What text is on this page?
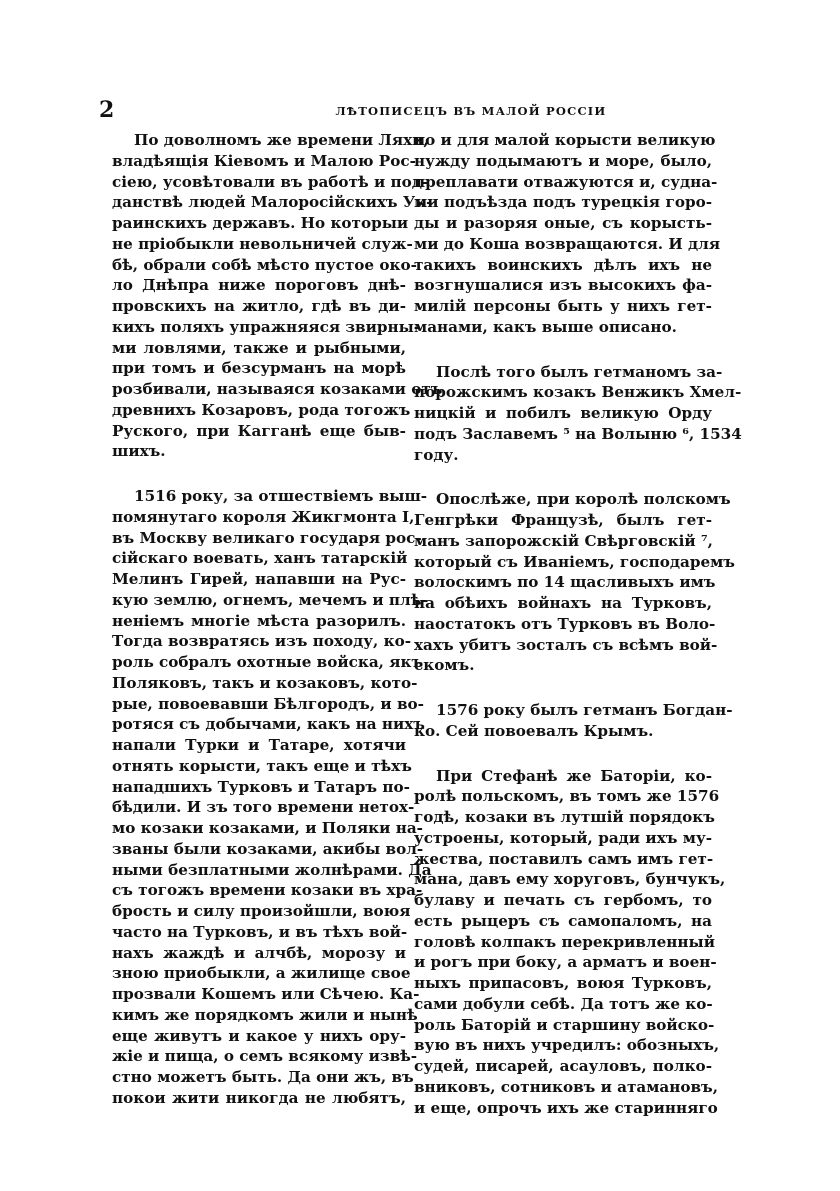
2	ЛѢТОПИСЕЦЪ ВЪ МАЛОЙ РОССІИ
По доволномъ же времени Ляхи,
владѣящія Кіевомъ и Малою Рос-
сіею, усовѣтовали въ работѣ и под-
данствѣ людей Малоросійскихъ Ук-
раинскихъ державъ. Но которыи
не пріобыкли невольничей служ-
бѣ, обрали собѣ мѣсто пустое око-
ло Днѣпра ниже пороговъ днѣ-
провскихъ на житло, гдѣ въ ди-
кихъ поляхъ упражняяся звирны-
ми ловлями, также и рыбными,
при томъ и безсурманъ на морѣ
розбивали, называяся козаками отъ
древнихъ Козаровъ, рода тогожъ
Руского, при Кагганѣ еще быв-
шихъ.
1516 року, за отшествіемъ выш-
помянутаго короля Жикгмонта I,
въ Москву великаго государя рос-
сійскаго воевать, ханъ татарскій
Мелинъ Гирей, напавши на Рус-
кую землю, огнемъ, мечемъ и плѣ-
неніемъ многіе мѣста разорилъ.
Тогда возвратясь изъ походу, ко-
роль собралъ охотные войска, якъ
Поляковъ, такъ и козаковъ, кото-
рые, повоевавши Бѣлгородъ, и во-
ротяся съ добычами, какъ на нихъ
напали Турки и Татаре, хотячи
отнять корысти, такъ еще и тѣхъ
нападшихъ Турковъ и Татаръ по-
бѣдили. И зъ того времени нетох-
мо козаки козаками, и Поляки на-
званы были козаками, акибы вол-
ными безплатными жолнѣрами. Да
съ тогожъ времени козаки въ хра-
брость и силу произойшли, воюя
часто на Турковъ, и въ тѣхъ вой-
нахъ жаждѣ и алчбѣ, морозу и
зною приобыкли, а жилище свое
прозвали Кошемъ или Сѣчею. Ка-
кимъ же порядкомъ жили и нынѣ
еще живутъ и какое у нихъ ору-
жіе и пища, о семъ всякому извѣ-
стно можетъ быть. Да они жъ, въ
покои жити никогда не любятъ,
но и для малой корысти великую
нужду подымаютъ и море, было,
преплавати отважуются и, судна-
ми подъѣзда подъ турецкія горо-
ды и разоряя оные, съ корысть-
ми до Коша возвращаются. И для
такихъ воинскихъ дѣлъ ихъ не
возгнушалися изъ высокихъ фа-
милій персоны быть у нихъ гет-
манами, какъ выше описано.
Послѣ того былъ гетманомъ за-
порожскимъ козакъ Венжикъ Хмел-
ницкій и побилъ великую Орду
подъ Заславемъ ⁵ на Волыню ⁶, 1534
году.
Опослѣже, при королѣ полскомъ
Генгрѣки Французѣ, былъ гет-
манъ запорожскій Свѣрговскій ⁷,
который съ Иваніемъ, господаремъ
волоскимъ по 14 щасливыхъ имъ
на обѣихъ войнахъ на Турковъ,
наостатокъ отъ Турковъ въ Воло-
хахъ убитъ зосталъ съ всѣмъ вой-
скомъ.
1576 року былъ гетманъ Богдан-
ко. Сей повоевалъ Крымъ.
При Стефанѣ же Баторіи, ко-
ролѣ польскомъ, въ томъ же 1576
годѣ, козаки въ лутшій порядокъ
устроены, который, ради ихъ му-
жества, поставилъ самъ имъ гет-
мана, давъ ему хоруговъ, бунчукъ,
булаву и печать съ гербомъ, то
есть рыцеръ съ самопаломъ, на
головѣ колпакъ перекривленный
и рогъ при боку, а арматъ и воен-
ныхъ припасовъ, воюя Турковъ,
сами добули себѣ. Да тотъ же ко-
роль Баторій и старшину войско-
вую въ нихъ учредилъ: обозныхъ,
судей, писарей, асауловъ, полко-
вниковъ, сотниковъ и атамановъ,
и еще, опрочъ ихъ же старинняго
